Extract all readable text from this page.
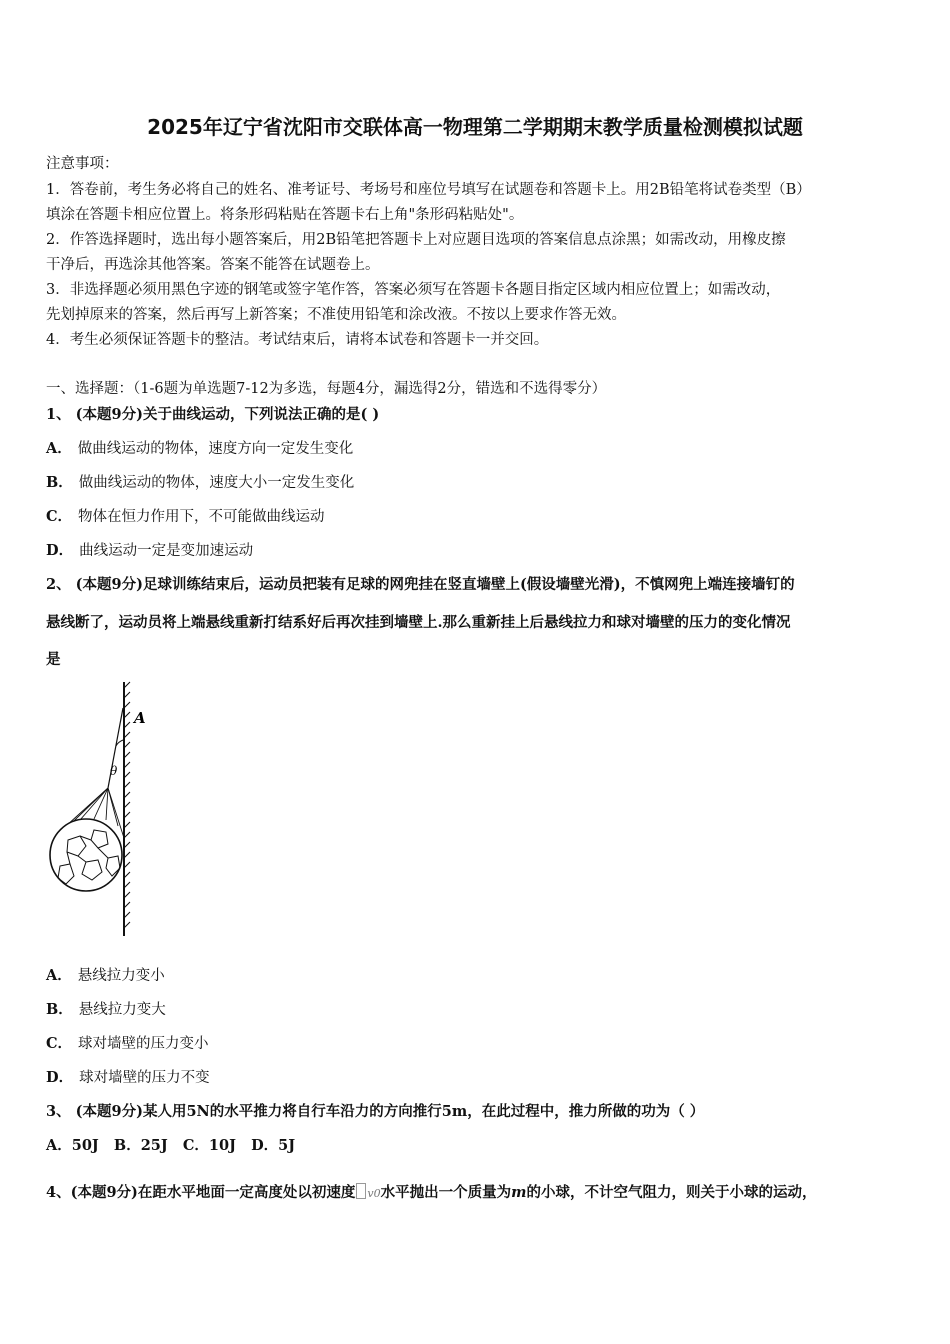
2025年辽宁省沈阳市交联体高一物理第二学期期末教学质量检测模拟试题
注意事项：
1．答卷前，考生务必将自己的姓名、准考证号、考场号和座位号填写在试题卷和答题卡上。用2B铅笔将试卷类型（B）
填涂在答题卡相应位置上。将条形码粘贴在答题卡右上角"条形码粘贴处"。
2．作答选择题时，选出每小题答案后，用2B铅笔把答题卡上对应题目选项的答案信息点涂黑；如需改动，用橡皮擦
干净后，再选涂其他答案。答案不能答在试题卷上。
3．非选择题必须用黑色字迹的钢笔或签字笔作答，答案必须写在答题卡各题目指定区域内相应位置上；如需改动，
先划掉原来的答案，然后再写上新答案；不准使用铅笔和涂改液。不按以上要求作答无效。
4．考生必须保证答题卡的整洁。考试结束后，请将本试卷和答题卡一并交回。
一、选择题：（1-6题为单选题7-12为多选，每题4分，漏选得2分，错选和不选得零分）
1、 (本题9分)关于曲线运动，下列说法正确的是( )
A． 做曲线运动的物体，速度方向一定发生变化
B． 做曲线运动的物体，速度大小一定发生变化
C． 物体在恒力作用下，不可能做曲线运动
D． 曲线运动一定是变加速运动
2、 (本题9分)足球训练结束后，运动员把装有足球的网兜挂在竖直墙壁上(假设墙壁光滑)，不慎网兜上端连接墙钉的
悬线断了，运动员将上端悬线重新打结系好后再次挂到墙壁上.那么重新挂上后悬线拉力和球对墙壁的压力的变化情况
是
A
θ
A． 悬线拉力变小
B． 悬线拉力变大
C． 球对墙壁的压力变小
D． 球对墙壁的压力不变
3、 (本题9分)某人用5N的水平推力将自行车沿力的方向推行5m，在此过程中，推力所做的功为（ ）
A．50J   B．25J   C．10J   D．5J
4、(本题9分)在距水平地面一定高度处以初速度 v0水平抛出一个质量为m的小球，不计空气阻力，则关于小球的运动，
